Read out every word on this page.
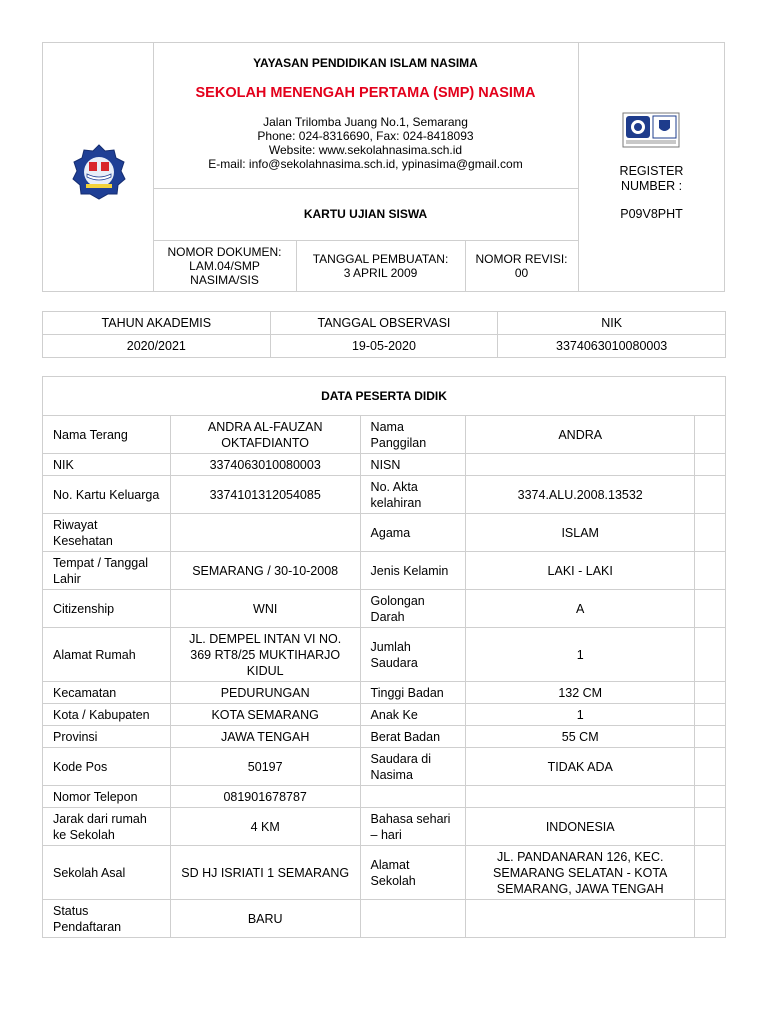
YAYASAN PENDIDIKAN ISLAM NASIMA
SEKOLAH MENENGAH PERTAMA (SMP) NASIMA
Jalan Trilomba Juang No.1, Semarang
Phone: 024-8316690, Fax: 024-8418093
Website: www.sekolahnasima.sch.id
E-mail: info@sekolahnasima.sch.id, ypinasima@gmail.com
KARTU UJIAN SISWA
NOMOR DOKUMEN:
LAM.04/SMP
NASIMA/SIS
TANGGAL PEMBUATAN:
3 APRIL 2009
NOMOR REVISI:
00
REGISTER
NUMBER :
P09V8PHT
TAHUN AKADEMIS	TANGGAL OBSERVASI	NIK
2020/2021	19-05-2020	3374063010080003
DATA PESERTA DIDIK				
Nama Terang	ANDRA AL-FAUZAN OKTAFDIANTO	Nama Panggilan	ANDRA	
NIK	3374063010080003	NISN		
No. Kartu Keluarga	3374101312054085	No. Akta kelahiran	3374.ALU.2008.13532	
Riwayat Kesehatan		Agama	ISLAM	
Tempat / Tanggal Lahir	SEMARANG / 30-10-2008	Jenis Kelamin	LAKI - LAKI	
Citizenship	WNI	Golongan Darah	A	
Alamat Rumah	JL. DEMPEL INTAN VI NO. 369 RT8/25 MUKTIHARJO KIDUL	Jumlah Saudara	1	
Kecamatan	PEDURUNGAN	Tinggi Badan	132 CM	
Kota / Kabupaten	KOTA SEMARANG	Anak Ke	1	
Provinsi	JAWA TENGAH	Berat Badan	55 CM	
Kode Pos	50197	Saudara di Nasima	TIDAK ADA	
Nomor Telepon	081901678787			
Jarak dari rumah ke Sekolah	4 KM	Bahasa sehari – hari	INDONESIA	
Sekolah Asal	SD HJ ISRIATI 1 SEMARANG	Alamat Sekolah	JL. PANDANARAN 126, KEC. SEMARANG SELATAN - KOTA SEMARANG, JAWA TENGAH	
Status Pendaftaran	BARU			
